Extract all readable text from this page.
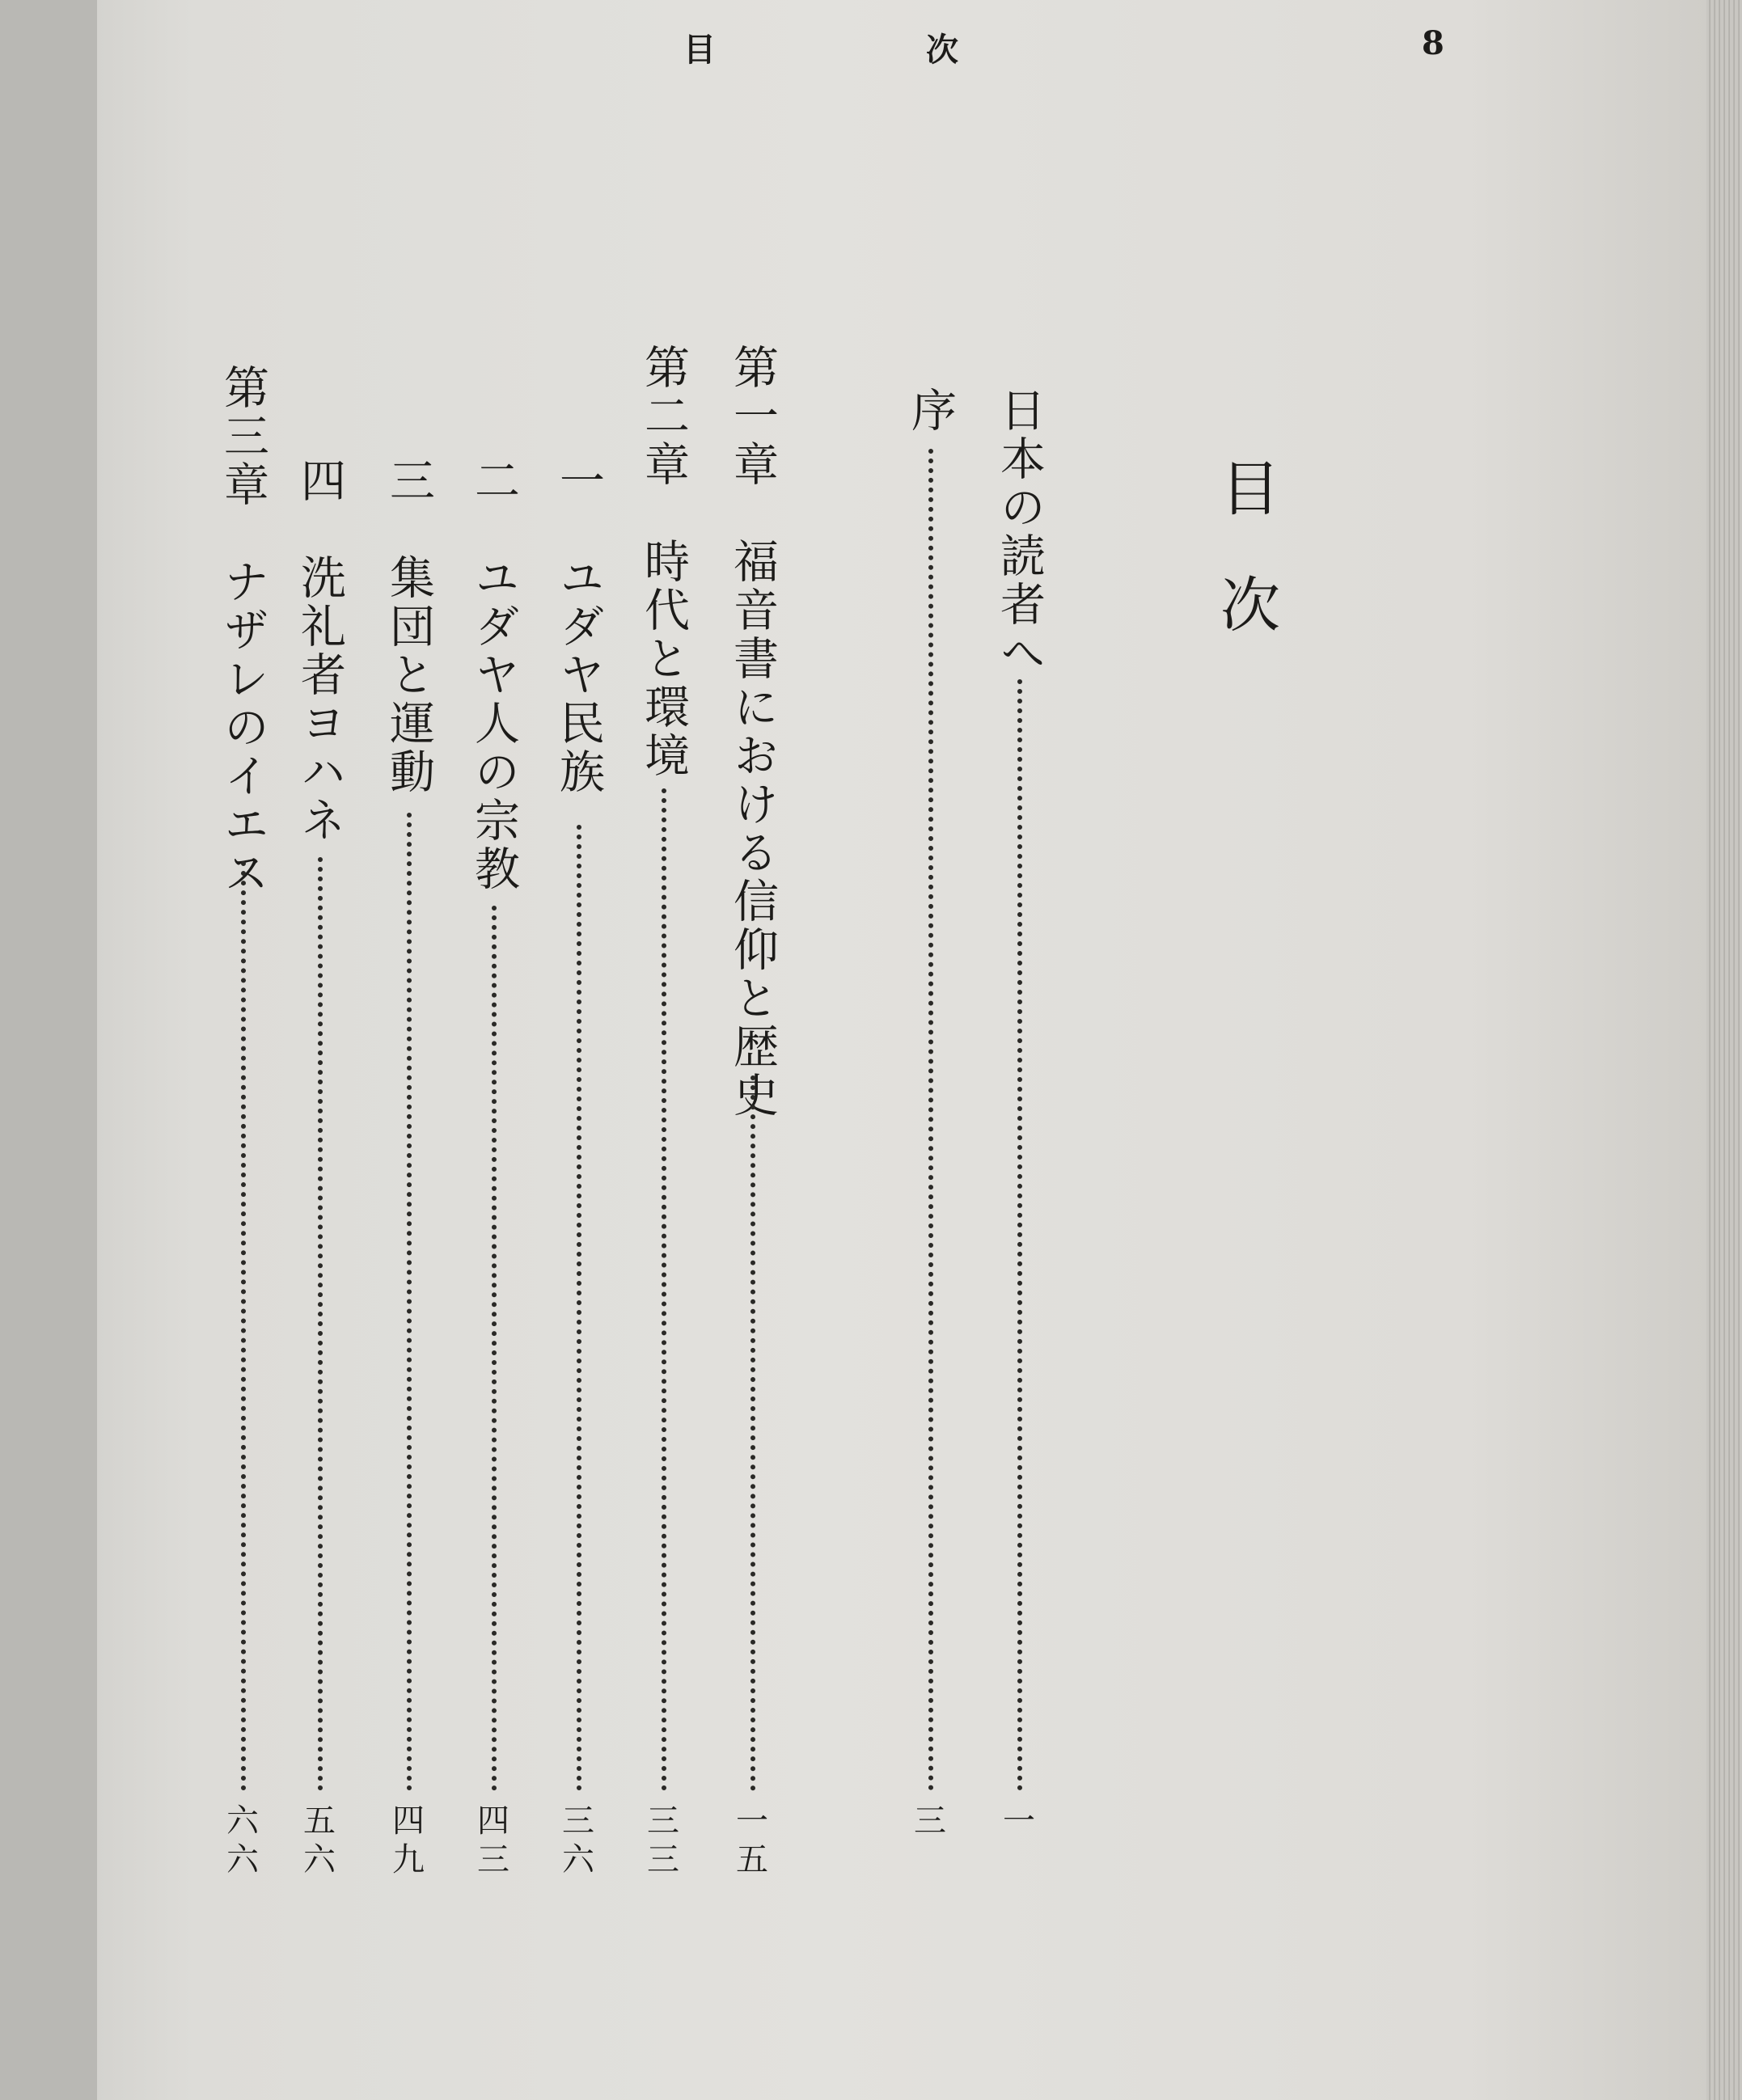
目	次	8
目次
日本の読者へ
一
序
三
第一章　福音書における信仰と歴史
一五
第二章　時代と環境
三三
一　ユダヤ民族
三六
二　ユダヤ人の宗教
四三
三　集団と運動
四九
四　洗礼者ヨハネ
五六
第三章　ナザレのイエス
六六
